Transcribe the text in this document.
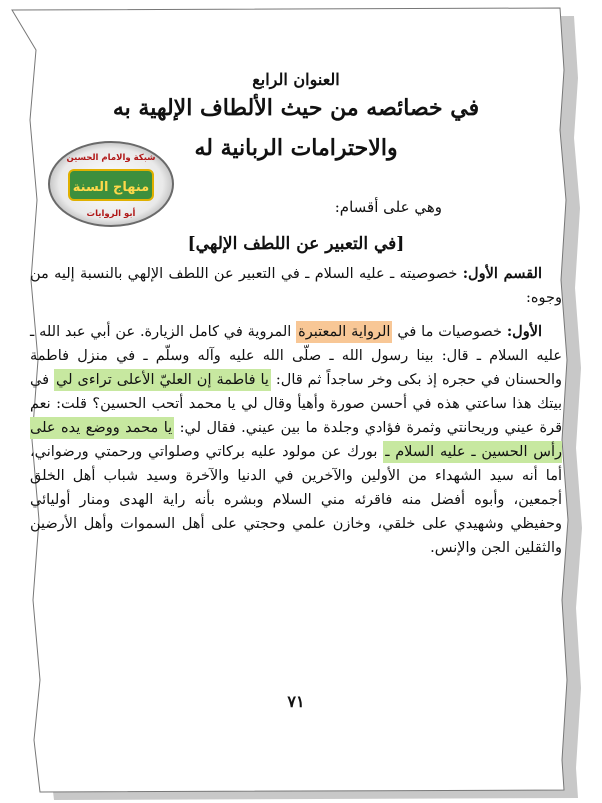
العنوان الرابع
في خصائصه من حيث الألطاف الإلهية به
والاحترامات الربانية له
شبكة والامام الحسين
منهاج السنة
أبو الروايات	وهي على أقسام:
[في التعبير عن اللطف الإلهي]

القسم الأول: خصوصيته ـ عليه السلام ـ في التعبير عن اللطف الإلهي بالنسبة إليه من وجوه:

الأول: خصوصيات ما في الرواية المعتبرة المروية في كامل الزيارة. عن أبي عبد الله ـ عليه السلام ـ قال: بينا رسول الله ـ صلّى الله عليه وآله وسلّم ـ في منزل فاطمة والحسنان في حجره إذ بكى وخر ساجداً ثم قال: يا فاطمة إن العليّ الأعلى تراءى لي في بيتك هذا ساعتي هذه في أحسن صورة وأهيأ وقال لي يا محمد أتحب الحسين؟ قلت: نعم قرة عيني وريحانتي وثمرة فؤادي وجلدة ما بين عيني. فقال لي: يا محمد ووضع يده على رأس الحسين ـ عليه السلام ـ بورك عن مولود عليه بركاتي وصلواتي ورحمتي ورضواني، أما أنه سيد الشهداء من الأولين والآخرين في الدنيا والآخرة وسيد شباب أهل الخلق أجمعين، وأبوه أفضل منه فاقرئه مني السلام وبشره بأنه راية الهدى ومنار أوليائي وحفيظي وشهيدي على خلقي، وخازن علمي وحجتي على أهل السموات وأهل الأرضين والثقلين الجن والإنس.

٧١
